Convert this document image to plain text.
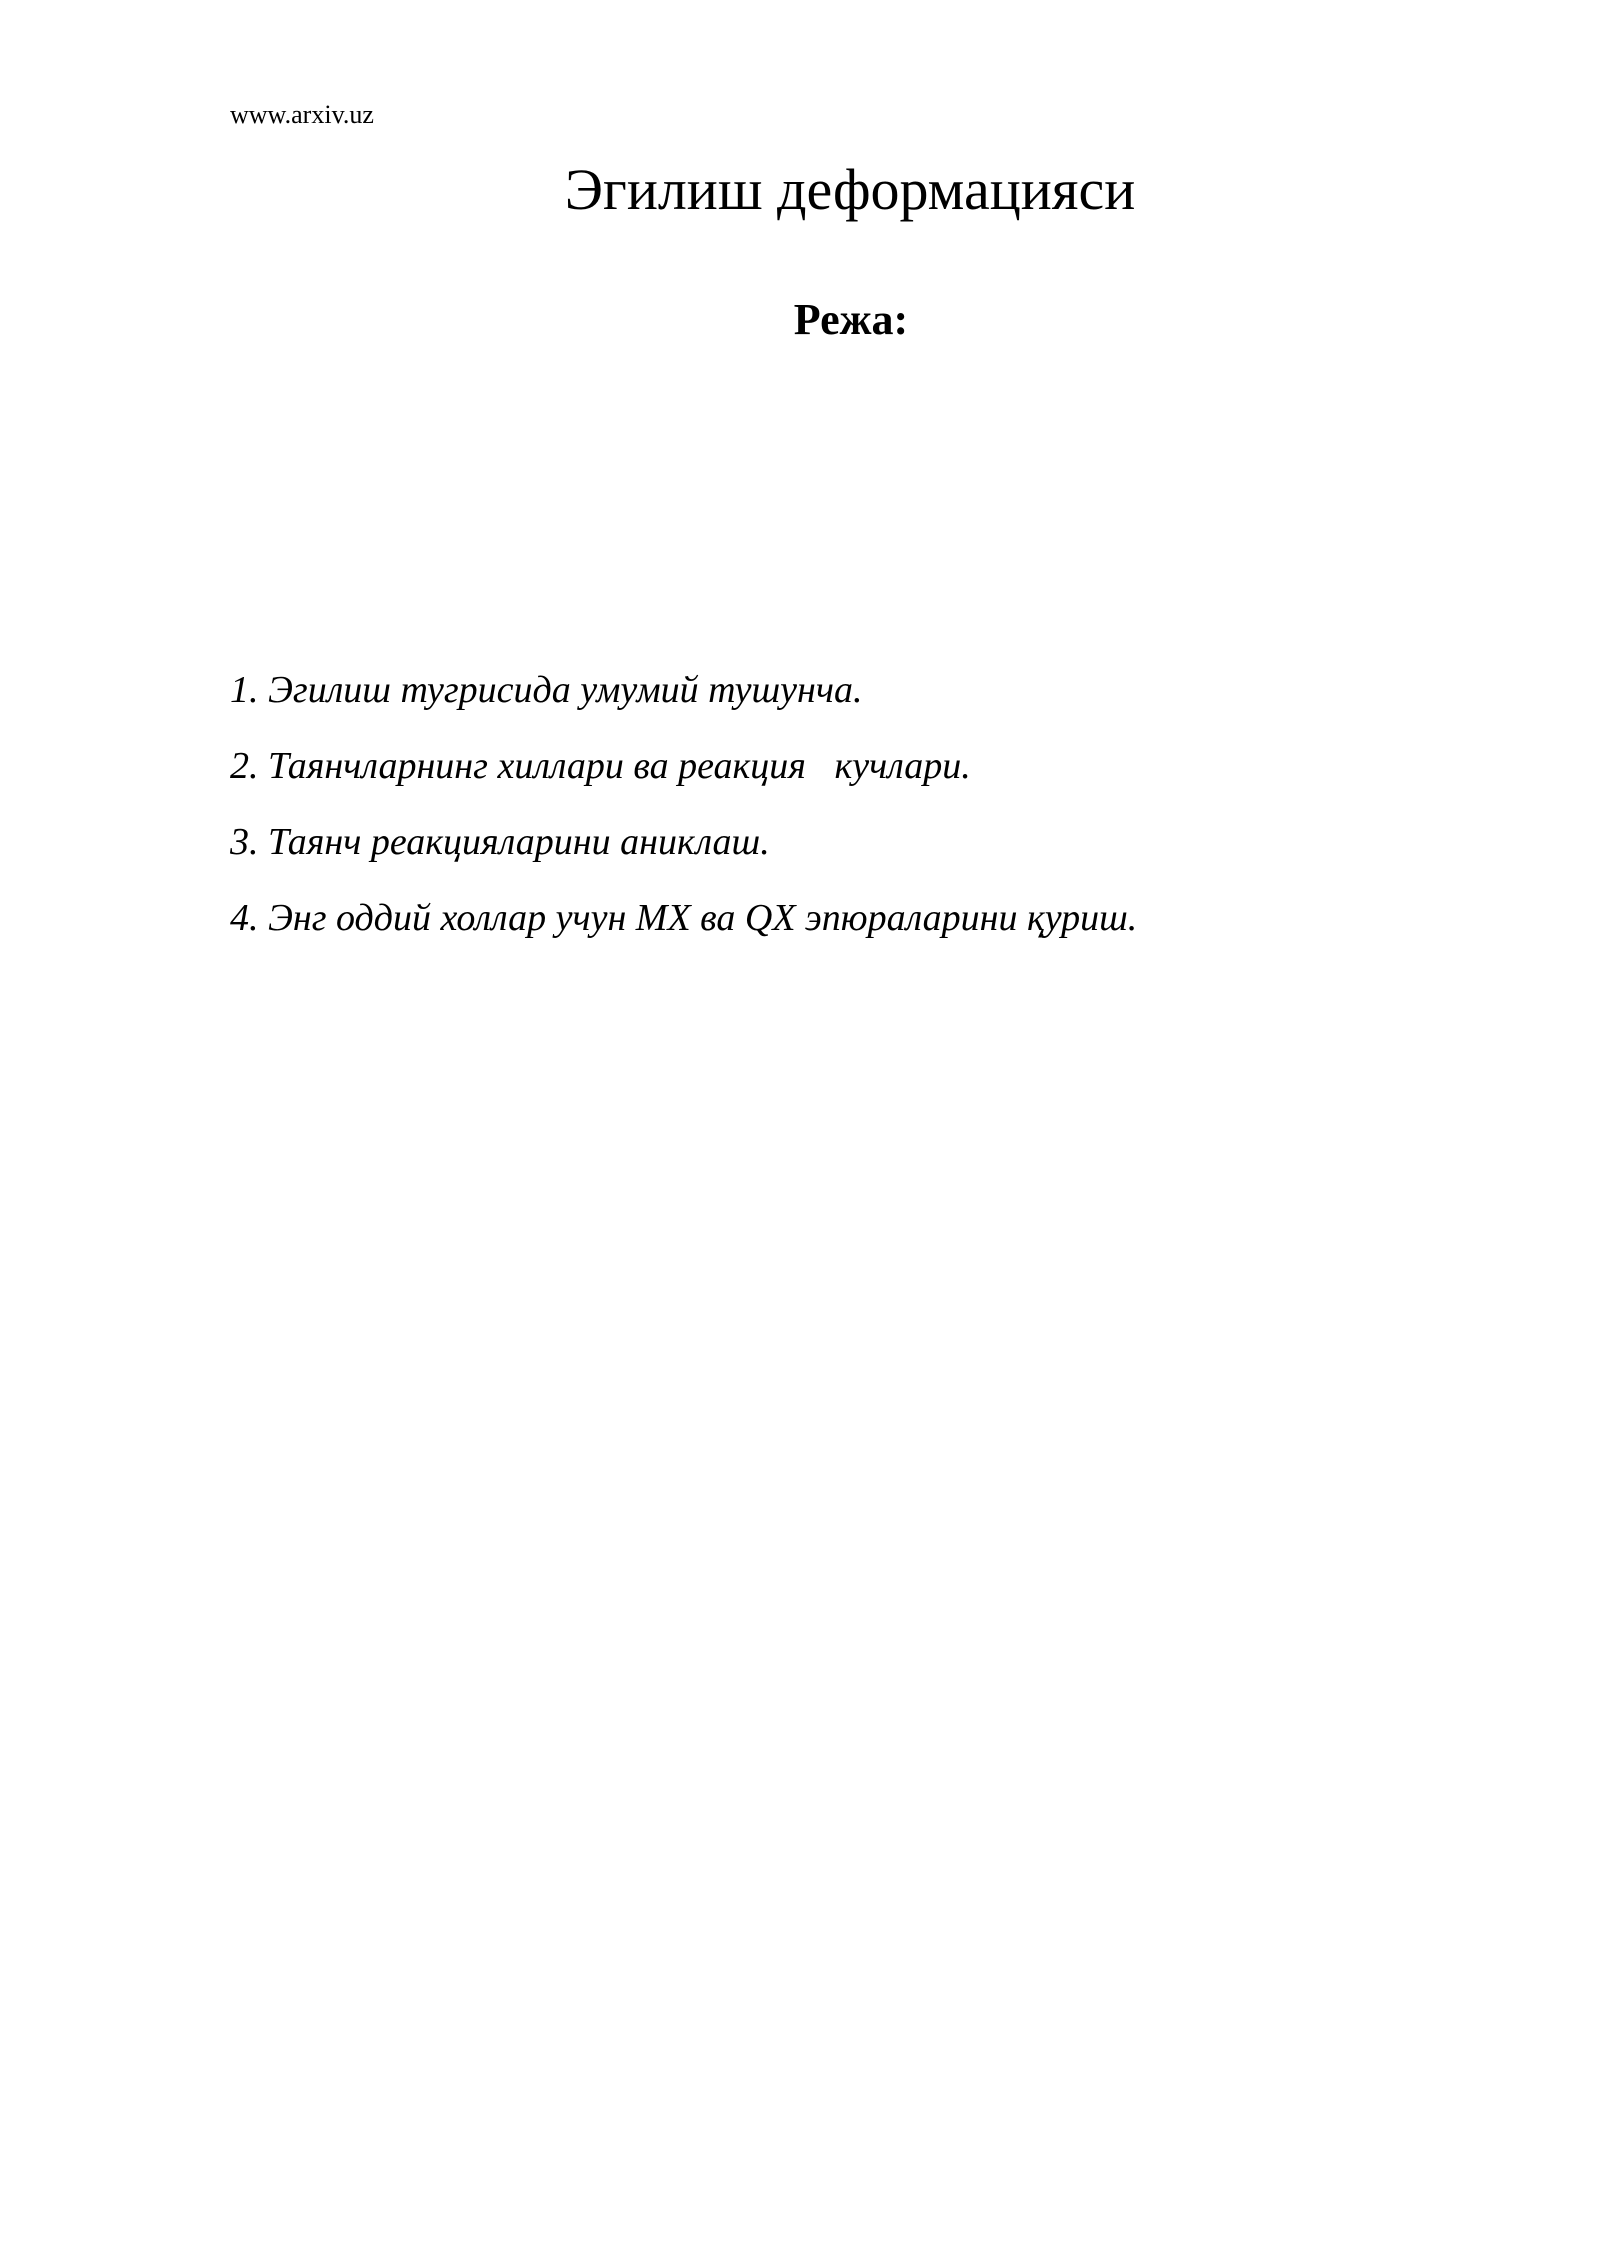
www.arxiv.uz
Эгилиш деформацияси
Режа:
1. Эгилиш тугрисида умумий тушунча.
2. Таянчларнинг хиллари ва реакция   кучлари.
3. Таянч реакцияларини аниклаш.
4. Энг оддий холлар учун MX ва QX эпюраларини қуриш.
